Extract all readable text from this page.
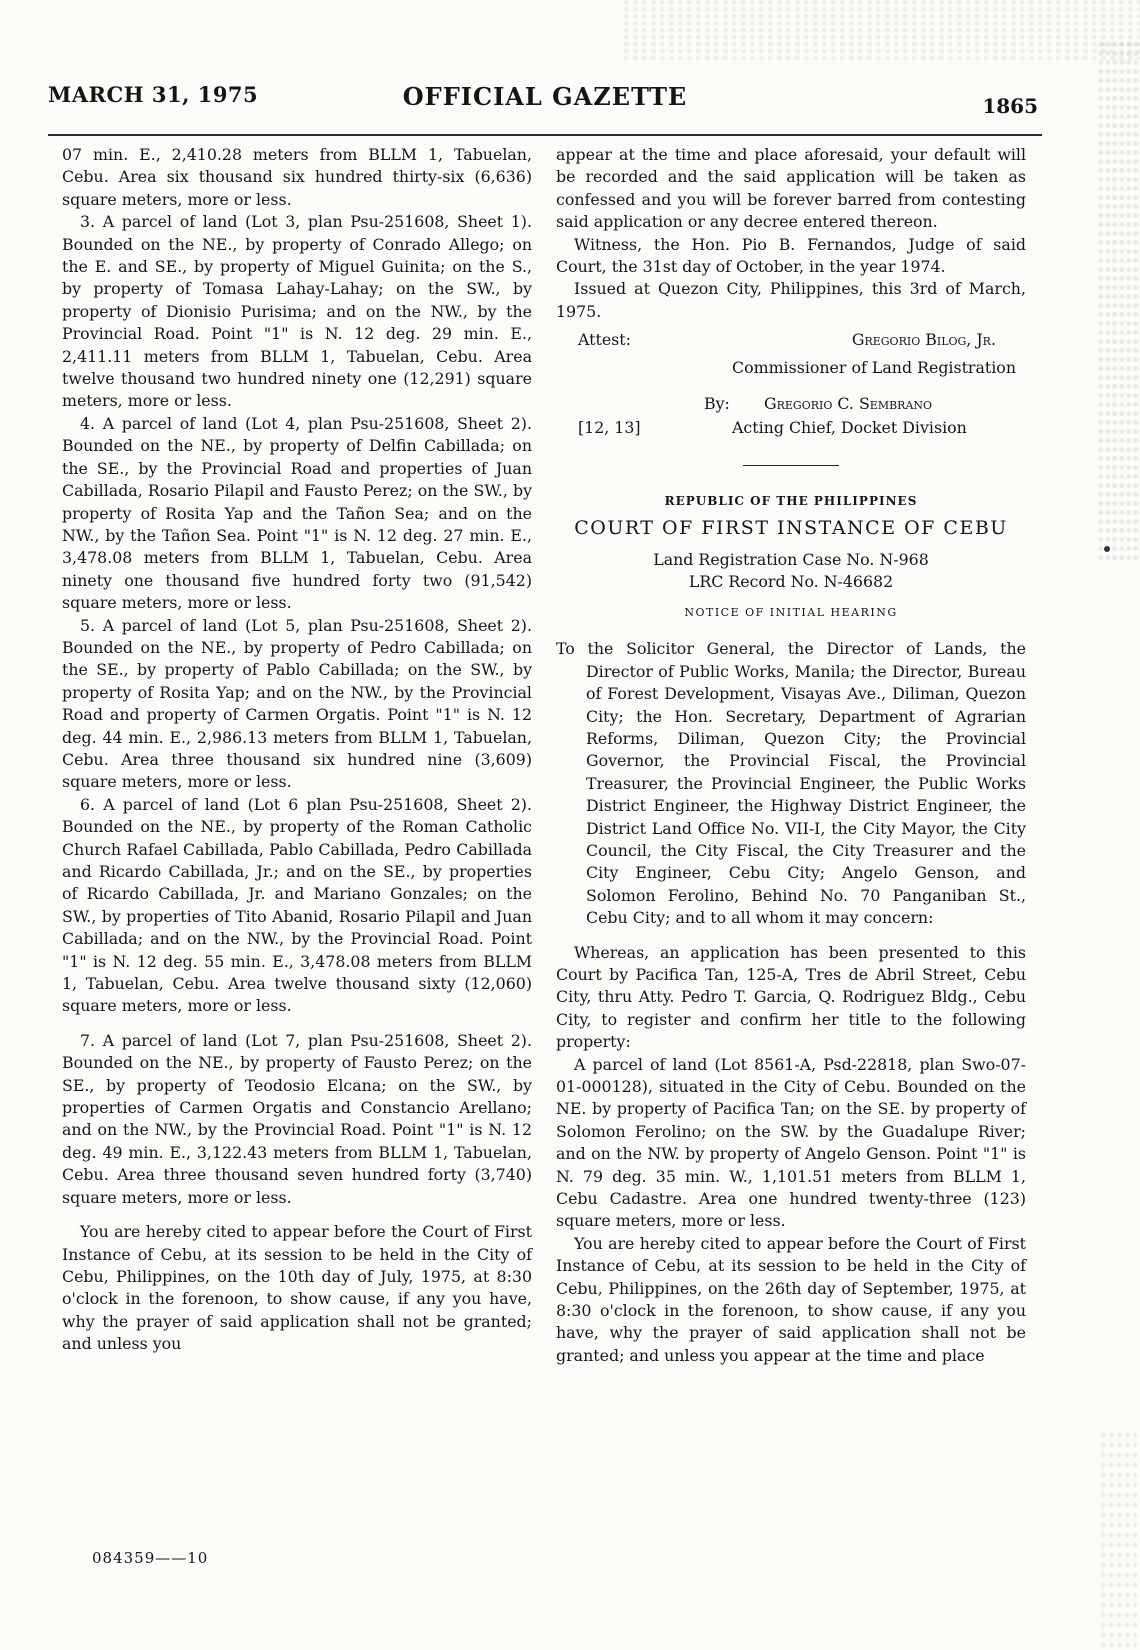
MARCH 31, 1975	OFFICIAL GAZETTE	1865

07 min. E., 2,410.28 meters from BLLM 1, Tabuelan, Cebu. Area six thousand six hundred thirty-six (6,636) square meters, more or less.

3. A parcel of land (Lot 3, plan Psu-251608, Sheet 1). Bounded on the NE., by property of Conrado Allego; on the E. and SE., by property of Miguel Guinita; on the S., by property of Tomasa Lahay-Lahay; on the SW., by property of Dionisio Purisima; and on the NW., by the Provincial Road. Point "1" is N. 12 deg. 29 min. E., 2,411.11 meters from BLLM 1, Tabuelan, Cebu. Area twelve thousand two hundred ninety one (12,291) square meters, more or less.

4. A parcel of land (Lot 4, plan Psu-251608, Sheet 2). Bounded on the NE., by property of Delfin Cabillada; on the SE., by the Provincial Road and properties of Juan Cabillada, Rosario Pilapil and Fausto Perez; on the SW., by property of Rosita Yap and the Tañon Sea; and on the NW., by the Tañon Sea. Point "1" is N. 12 deg. 27 min. E., 3,478.08 meters from BLLM 1, Tabuelan, Cebu. Area ninety one thousand five hundred forty two (91,542) square meters, more or less.

5. A parcel of land (Lot 5, plan Psu-251608, Sheet 2). Bounded on the NE., by property of Pedro Cabillada; on the SE., by property of Pablo Cabillada; on the SW., by property of Rosita Yap; and on the NW., by the Provincial Road and property of Carmen Orgatis. Point "1" is N. 12 deg. 44 min. E., 2,986.13 meters from BLLM 1, Tabuelan, Cebu. Area three thousand six hundred nine (3,609) square meters, more or less.

6. A parcel of land (Lot 6 plan Psu-251608, Sheet 2). Bounded on the NE., by property of the Roman Catholic Church Rafael Cabillada, Pablo Cabillada, Pedro Cabillada and Ricardo Cabillada, Jr.; and on the SE., by properties of Ricardo Cabillada, Jr. and Mariano Gonzales; on the SW., by properties of Tito Abanid, Rosario Pilapil and Juan Cabillada; and on the NW., by the Provincial Road. Point "1" is N. 12 deg. 55 min. E., 3,478.08 meters from BLLM 1, Tabuelan, Cebu. Area twelve thousand sixty (12,060) square meters, more or less.

7. A parcel of land (Lot 7, plan Psu-251608, Sheet 2). Bounded on the NE., by property of Fausto Perez; on the SE., by property of Teodosio Elcana; on the SW., by properties of Carmen Orgatis and Constancio Arellano; and on the NW., by the Provincial Road. Point "1" is N. 12 deg. 49 min. E., 3,122.43 meters from BLLM 1, Tabuelan, Cebu. Area three thousand seven hundred forty (3,740) square meters, more or less.

You are hereby cited to appear before the Court of First Instance of Cebu, at its session to be held in the City of Cebu, Philippines, on the 10th day of July, 1975, at 8:30 o'clock in the forenoon, to show cause, if any you have, why the prayer of said application shall not be granted; and unless you

appear at the time and place aforesaid, your default will be recorded and the said application will be taken as confessed and you will be forever barred from contesting said application or any decree entered thereon.

Witness, the Hon. Pio B. Fernandos, Judge of said Court, the 31st day of October, in the year 1974.

Issued at Quezon City, Philippines, this 3rd of March, 1975.

Attest:	Gregorio Bilog, Jr.
Commissioner of Land Registration
By: Gregorio C. Sembrano
[12, 13]	Acting Chief, Docket Division
REPUBLIC OF THE PHILIPPINES
COURT OF FIRST INSTANCE OF CEBU
Land Registration Case No. N-968
LRC Record No. N-46682
NOTICE OF INITIAL HEARING

To the Solicitor General, the Director of Lands, the Director of Public Works, Manila; the Director, Bureau of Forest Development, Visayas Ave., Diliman, Quezon City; the Hon. Secretary, Department of Agrarian Reforms, Diliman, Quezon City; the Provincial Governor, the Provincial Fiscal, the Provincial Treasurer, the Provincial Engineer, the Public Works District Engineer, the Highway District Engineer, the District Land Office No. VII-I, the City Mayor, the City Council, the City Fiscal, the City Treasurer and the City Engineer, Cebu City; Angelo Genson, and Solomon Ferolino, Behind No. 70 Panganiban St., Cebu City; and to all whom it may concern:

Whereas, an application has been presented to this Court by Pacifica Tan, 125-A, Tres de Abril Street, Cebu City, thru Atty. Pedro T. Garcia, Q. Rodriguez Bldg., Cebu City, to register and confirm her title to the following property:

A parcel of land (Lot 8561-A, Psd-22818, plan Swo-07-01-000128), situated in the City of Cebu. Bounded on the NE. by property of Pacifica Tan; on the SE. by property of Solomon Ferolino; on the SW. by the Guadalupe River; and on the NW. by property of Angelo Genson. Point "1" is N. 79 deg. 35 min. W., 1,101.51 meters from BLLM 1, Cebu Cadastre. Area one hundred twenty-three (123) square meters, more or less.

You are hereby cited to appear before the Court of First Instance of Cebu, at its session to be held in the City of Cebu, Philippines, on the 26th day of September, 1975, at 8:30 o'clock in the forenoon, to show cause, if any you have, why the prayer of said application shall not be granted; and unless you appear at the time and place

084359——10
